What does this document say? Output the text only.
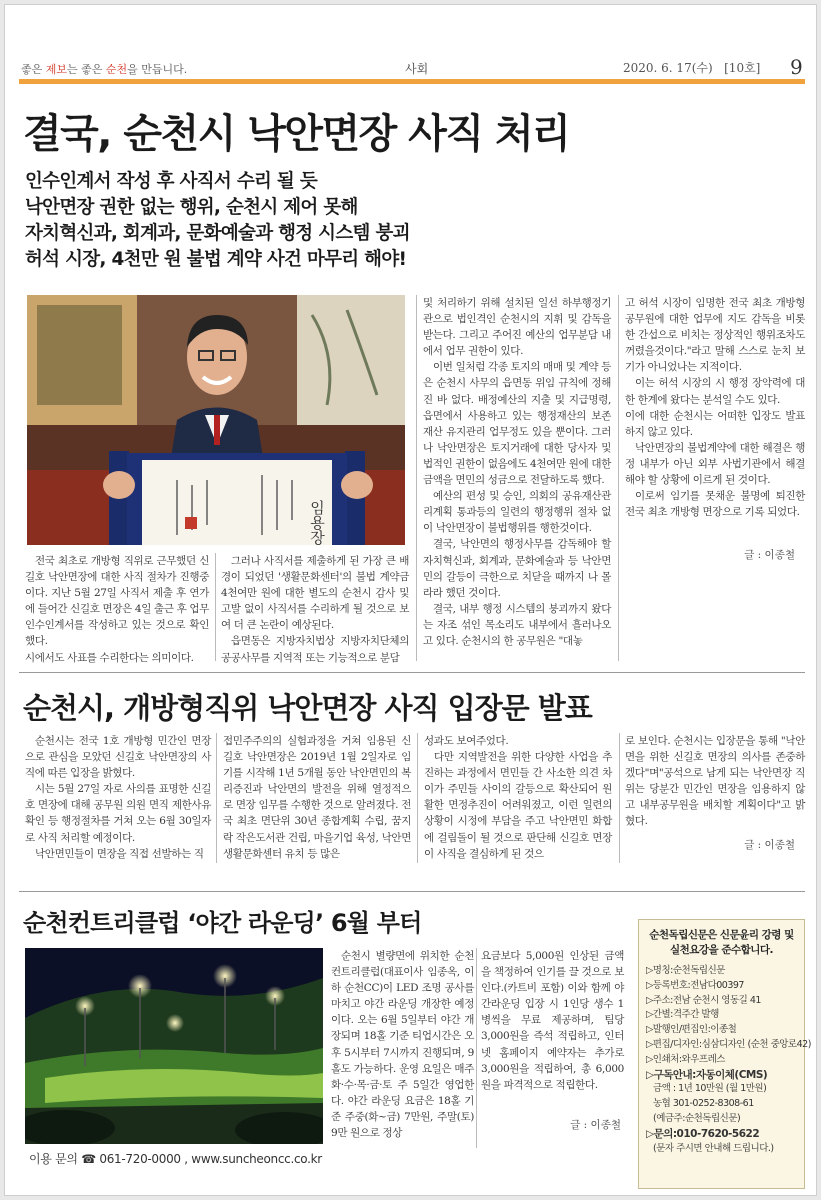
좋은 제보는 좋은 순천을 만듭니다.	사회	2020. 6. 17(수) [10호] 9
결국, 순천시 낙안면장 사직 처리
인수인계서 작성 후 사직서 수리 될 듯
낙안면장 권한 없는 행위, 순천시 제어 못해
자치혁신과, 회계과, 문화예술과 행정 시스템 붕괴
허석 시장, 4천만 원 불법 계약 사건 마무리 해야!
임용장

전국 최초로 개방형 직위로 근무했던 신길호 낙안면장에 대한 사직 절차가 진행중이다. 지난 5월 27일 사직서 제출 후 연가에 들어간 신길호 면장은 4일 출근 후 업무인수인계서를 작성하고 있는 것으로 확인했다.

시에서도 사표를 수리한다는 의미이다.

그러나 사직서를 제출하게 된 가장 큰 배경이 되었던 '생활문화센터'의 불법 계약금 4천여만 원에 대한 별도의 순천시 감사 및 고발 없이 사직서를 수리하게 될 것으로 보여 더 큰 논란이 예상된다.

읍면동은 지방자치법상 지방자치단체의 공공사무를 지역적 또는 기능적으로 분담

및 처리하기 위해 설치된 일선 하부행정기관으로 법인격인 순천시의 지휘 및 감독을 받는다. 그리고 주어진 예산의 업무분담 내에서 업무 권한이 있다.

이번 일처럼 각종 토지의 매매 및 계약 등은 순천시 사무의 읍면동 위임 규칙에 정해진 바 없다. 배정예산의 지출 및 지급명령, 읍면에서 사용하고 있는 행정재산의 보존재산 유지관리 업무정도 있을 뿐이다. 그러나 낙안면장은 토지거래에 대한 당사자 및 법적인 권한이 없음에도 4천여만 원에 대한 금액을 면민의 성금으로 전달하도록 했다.

예산의 편성 및 승인, 의회의 공유재산관리계획 통과등의 일련의 행정행위 절차 없이 낙안면장이 불법행위를 행한것이다.

결국, 낙안면의 행정사무를 감독해야 할 자치혁신과, 회계과, 문화예술과 등 낙안면민의 갈등이 극한으로 치닫을 때까지 나 몰라라 했던 것이다.

결국, 내부 행정 시스템의 붕괴까지 왔다는 자조 섞인 목소리도 내부에서 흘러나오고 있다. 순천시의 한 공무원은 "대놓

고 허석 시장이 임명한 전국 최초 개방형 공무원에 대한 업무에 지도 감독을 비롯한 간섭으로 비치는 정상적인 행위조차도 꺼렸을것이다."라고 말해 스스로 눈치 보기가 아니었나는 지적이다.

이는 허석 시장의 시 행정 장악력에 대한 한계에 왔다는 분석일 수도 있다.

이에 대한 순천시는 어떠한 입장도 발표하지 않고 있다.

낙안면장의 불법계약에 대한 해결은 행정 내부가 아닌 외부 사법기관에서 해결해야 할 상황에 이르게 된 것이다.

이로써 임기를 못채운 불명예 퇴진한 전국 최초 개방형 면장으로 기록 되었다.

글 : 이종철
순천시, 개방형직위 낙안면장 사직 입장문 발표

순천시는 전국 1호 개방형 민간인 면장으로 관심을 모았던 신길호 낙안면장의 사직에 따른 입장을 밝혔다.

시는 5월 27일 자로 사의를 표명한 신길호 면장에 대해 공무원 의원 면직 제한사유 확인 등 행정절차를 거쳐 오는 6월 30일자로 사직 처리할 예정이다.

낙안면민들이 면장을 직접 선발하는 직

접민주주의의 실험과정을 거쳐 임용된 신길호 낙안면장은 2019년 1월 2일자로 임기를 시작해 1년 5개월 동안 낙안면민의 복리증진과 낙안면의 발전을 위해 열정적으로 면장 임무를 수행한 것으로 알려졌다. 전국 최초 면단위 30년 종합계획 수립, 꿈지락 작은도서관 건립, 마을기업 육성, 낙안면 생활문화센터 유치 등 많은

성과도 보여주었다.

다만 지역발전을 위한 다양한 사업을 추진하는 과정에서 면민들 간 사소한 의견 차이가 주민들 사이의 갈등으로 확산되어 원활한 면정추진이 어려워졌고, 이런 일련의 상황이 시정에 부담을 주고 낙안면민 화합에 걸림돌이 될 것으로 판단해 신길호 면장이 사직을 결심하게 된 것으

로 보인다. 순천시는 입장문을 통해 "낙안면을 위한 신길호 면장의 의사를 존중하겠다"며"공석으로 남게 되는 낙안면장 직위는 당분간 민간인 면장을 임용하지 않고 내부공무원을 배치할 계획이다"고 밝혔다.

글 : 이종철
순천컨트리클럽 ‘야간 라운딩’ 6월 부터
이용 문의 ☎ 061-720-0000 , www.suncheoncc.co.kr

순천시 별량면에 위치한 순천컨트리클럽(대표이사 임종옥, 이하 순천CC)이 LED 조명 공사를 마치고 야간 라운딩 개장한 예정이다. 오는 6월 5일부터 야간 개장되며 18홀 기준 티업시간은 오후 5시부터 7시까지 진행되며, 9홀도 가능하다. 운영 요일은 매주 화·수·목·금·토 주 5일간 영업한다. 야간 라운딩 요금은 18홀 기준 주중(화~금) 7만원, 주말(토) 9만 원으로 정상

요금보다 5,000원 인상된 금액을 책정하여 인기를 끌 것으로 보인다.(카트비 포함) 이와 함께 야간라운딩 입장 시 1인당 생수 1병씩을 무료 제공하며, 팀당 3,000원을 즉석 적립하고, 인터넷 홈페이지 예약자는 추가로 3,000원을 적립하여, 총 6,000원을 파격적으로 적립한다.

글 : 이종철
순천독립신문은 신문윤리 강령 및 실천요강을 준수합니다.
▷명칭:순천독립신문
▷등록번호:전남다00397
▷주소:전남 순천시 영동길 41
▷간별:격주간 발행
▷발행인/편집인:이종철
▷편집/디자인:심삼디자인 (순천 중앙로42)
▷인쇄처:와우프레스
▷구독안내:자동이체(CMS)
금액 : 1년 10만원 (월 1만원)
농협 301-0252-8308-61
(예금주:순천독립신문)
▷문의:010-7620-5622
(문자 주시면 안내해 드립니다.)
